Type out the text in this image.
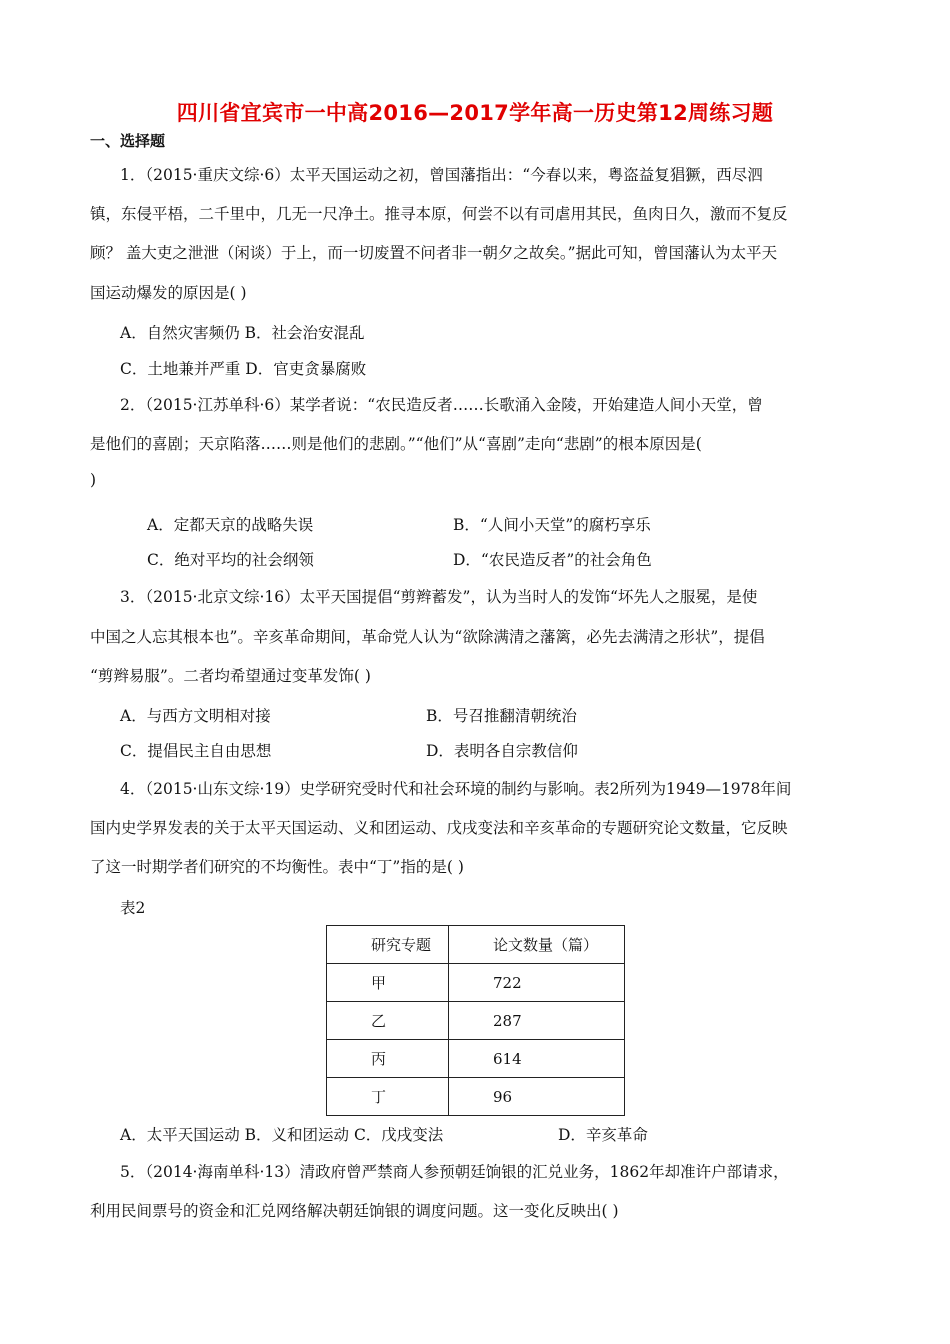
四川省宜宾市一中高2016—2017学年高一历史第12周练习题
一、选择题
1．（2015·重庆文综·6）太平天国运动之初，曾国藩指出：“今春以来，粤盗益复猖獗，西尽泗
镇，东侵平梧，二千里中，几无一尺净土。推寻本原，何尝不以有司虐用其民，鱼肉日久，激而不复反
顾？ 盖大吏之泄泄（闲谈）于上，而一切废置不问者非一朝夕之故矣。”据此可知，曾国藩认为太平天
国运动爆发的原因是( )
A．自然灾害频仍 B．社会治安混乱
C．土地兼并严重 D．官吏贪暴腐败
2．（2015·江苏单科·6）某学者说：“农民造反者……长歌涌入金陵，开始建造人间小天堂，曾
是他们的喜剧；天京陷落……则是他们的悲剧。”“他们”从“喜剧”走向“悲剧”的根本原因是(
)
A．定都天京的战略失误	B．“人间小天堂”的腐朽享乐
C．绝对平均的社会纲领	D．“农民造反者”的社会角色
3．（2015·北京文综·16）太平天国提倡“剪辫蓄发”，认为当时人的发饰“坏先人之服冕，是使
中国之人忘其根本也”。辛亥革命期间，革命党人认为“欲除满清之藩篱，必先去满清之形状”，提倡
“剪辫易服”。二者均希望通过变革发饰( )
A．与西方文明相对接	B．号召推翻清朝统治
C．提倡民主自由思想	D．表明各自宗教信仰
4．（2015·山东文综·19）史学研究受时代和社会环境的制约与影响。表2所列为1949—1978年间
国内史学界发表的关于太平天国运动、义和团运动、戊戌变法和辛亥革命的专题研究论文数量，它反映
了这一时期学者们研究的不均衡性。表中“丁”指的是( )
表2
研究专题	论文数量（篇）
甲	722
乙	287
丙	614
丁	96
A．太平天国运动 B．义和团运动 C．戊戌变法	D．辛亥革命
5．（2014·海南单科·13）清政府曾严禁商人参预朝廷饷银的汇兑业务，1862年却准许户部请求，
利用民间票号的资金和汇兑网络解决朝廷饷银的调度问题。这一变化反映出( )
